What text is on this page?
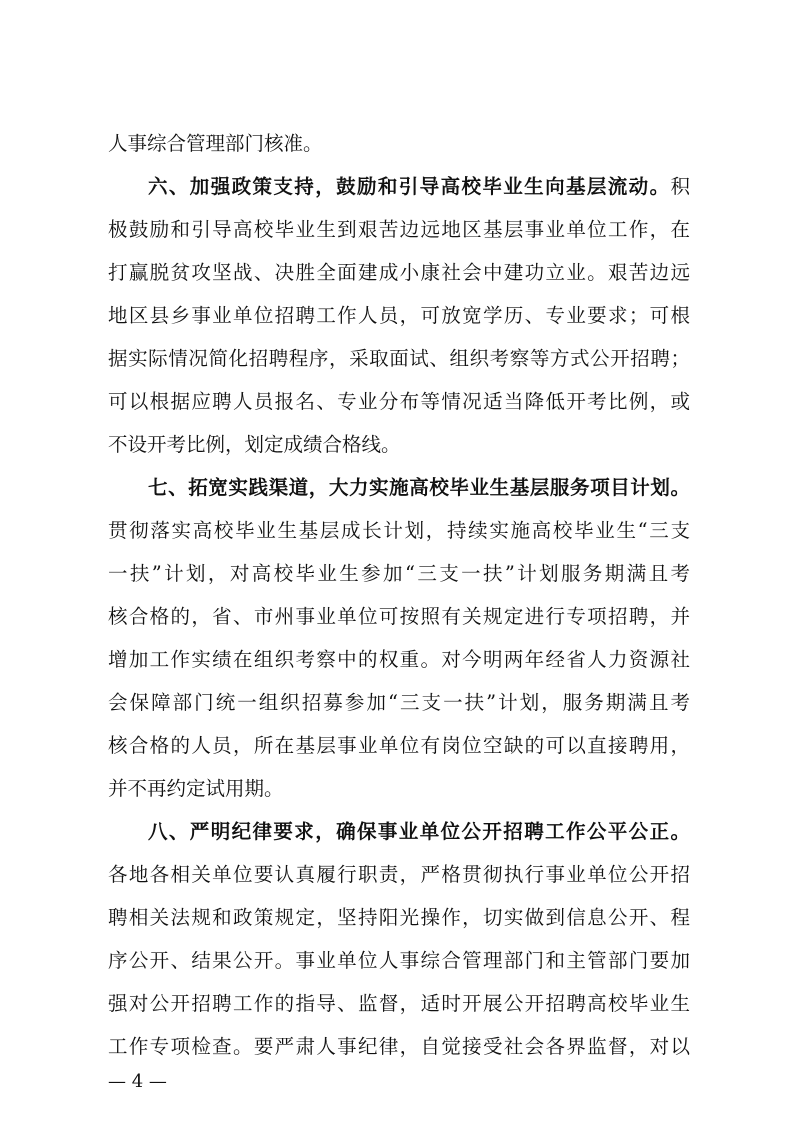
人事综合管理部门核准。
六、加强政策支持，鼓励和引导高校毕业生向基层流动。积
极鼓励和引导高校毕业生到艰苦边远地区基层事业单位工作，在
打赢脱贫攻坚战、决胜全面建成小康社会中建功立业。艰苦边远
地区县乡事业单位招聘工作人员，可放宽学历、专业要求；可根
据实际情况简化招聘程序，采取面试、组织考察等方式公开招聘；
可以根据应聘人员报名、专业分布等情况适当降低开考比例，或
不设开考比例，划定成绩合格线。
七、拓宽实践渠道，大力实施高校毕业生基层服务项目计划。
贯彻落实高校毕业生基层成长计划，持续实施高校毕业生“三支
一扶”计划，对高校毕业生参加“三支一扶”计划服务期满且考
核合格的，省、市州事业单位可按照有关规定进行专项招聘，并
增加工作实绩在组织考察中的权重。对今明两年经省人力资源社
会保障部门统一组织招募参加“三支一扶”计划，服务期满且考
核合格的人员，所在基层事业单位有岗位空缺的可以直接聘用，
并不再约定试用期。
八、严明纪律要求，确保事业单位公开招聘工作公平公正。
各地各相关单位要认真履行职责，严格贯彻执行事业单位公开招
聘相关法规和政策规定，坚持阳光操作，切实做到信息公开、程
序公开、结果公开。事业单位人事综合管理部门和主管部门要加
强对公开招聘工作的指导、监督，适时开展公开招聘高校毕业生
工作专项检查。要严肃人事纪律，自觉接受社会各界监督，对以
— 4 —
